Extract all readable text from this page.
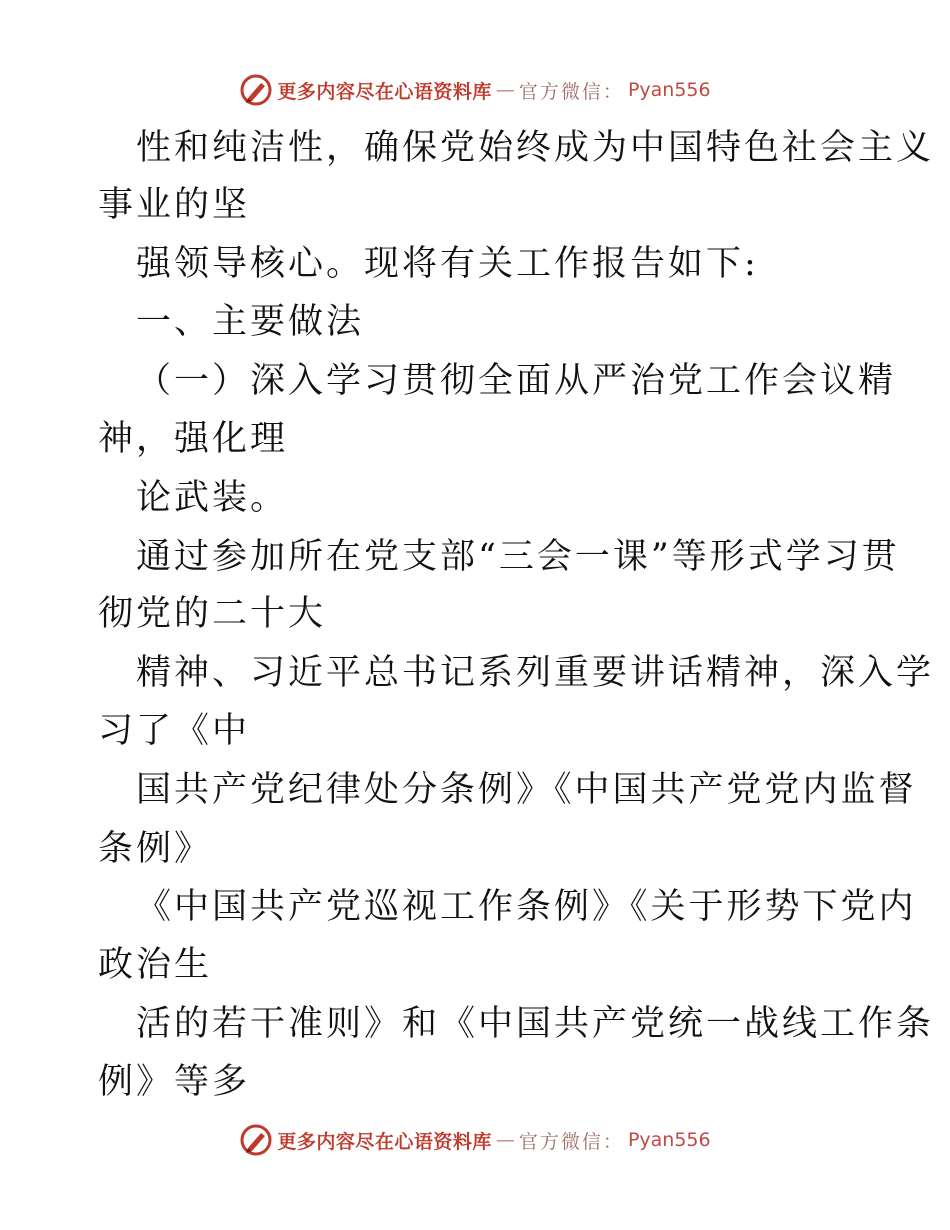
更多内容尽在心语资料库 — 官方微信： Pyan556
性和纯洁性，确保党始终成为中国特色社会主义
事业的坚
强领导核心。现将有关工作报告如下:
一、主要做法
（一）深入学习贯彻全面从严治党工作会议精
神，强化理
论武装。
通过参加所在党支部“三会一课”等形式学习贯
彻党的二十大
精神、习近平总书记系列重要讲话精神，深入学
习了《中
国共产党纪律处分条例》《中国共产党党内监督
条例》
《中国共产党巡视工作条例》《关于形势下党内
政治生
活的若干准则》和《中国共产党统一战线工作条
例》等多
更多内容尽在心语资料库 — 官方微信： Pyan556
